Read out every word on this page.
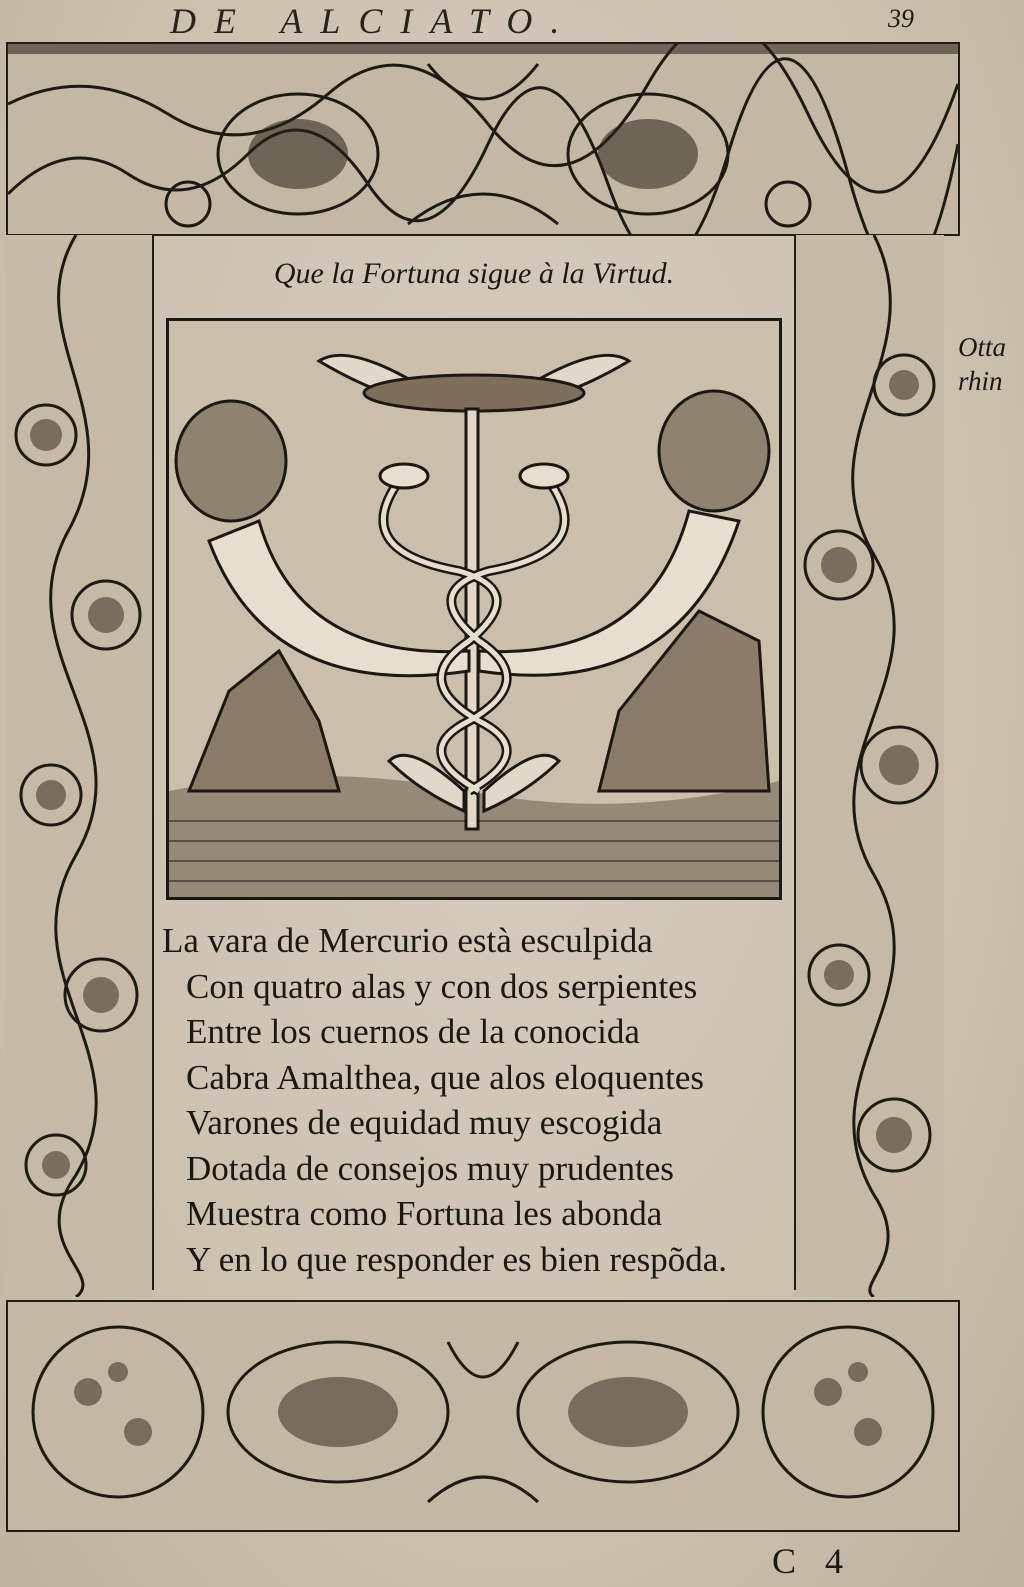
DE ALCIATO.	39
Que la Fortuna sigue à la Virtud.
La vara de Mercurio està esculpida
Con quatro alas y con dos serpientes
Entre los cuernos de la conocida
Cabra Amalthea, que alos eloquentes
Varones de equidad muy escogida
Dotada de consejos muy prudentes
Muestra como Fortuna les abonda
Y en lo que responder es bien respõda.
Otta
rhin
C 4
